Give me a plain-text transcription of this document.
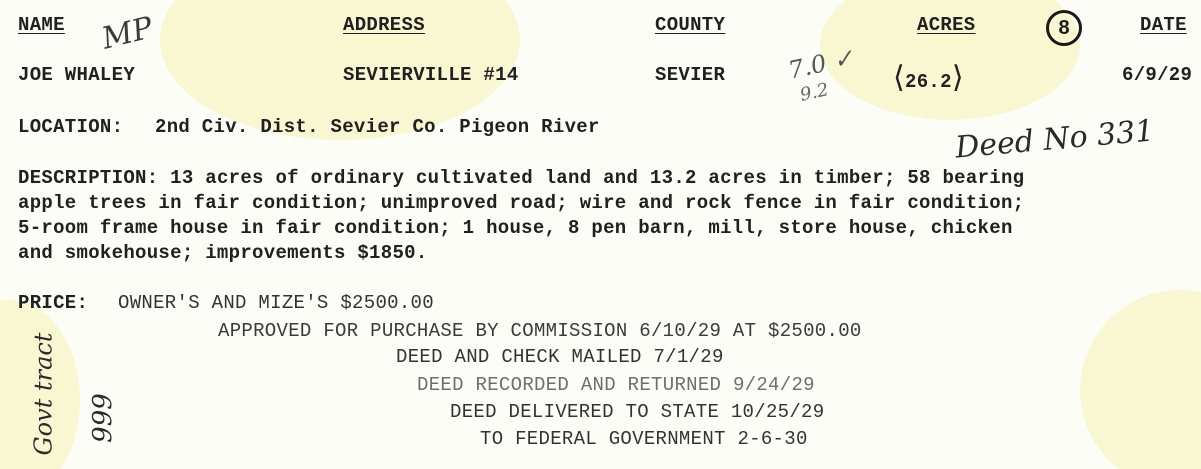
NAME	ADDRESS	COUNTY	ACRES	8	DATE
JOE WHALEY	SEVIERVILLE #14	SEVIER	⟨26.2⟩	6/9/29
MP
7.0 ✓
9.2
LOCATION: 2nd Civ. Dist. Sevier Co. Pigeon River	Deed No 331
DESCRIPTION: 13 acres of ordinary cultivated land and 13.2 acres in timber; 58 bearing
apple trees in fair condition; unimproved road; wire and rock fence in fair condition;
5-room frame house in fair condition; 1 house, 8 pen barn, mill, store house, chicken
and smokehouse; improvements $1850.
PRICE: OWNER'S AND MIZE'S $2500.00
APPROVED FOR PURCHASE BY COMMISSION 6/10/29 AT $2500.00
DEED AND CHECK MAILED 7/1/29
DEED RECORDED AND RETURNED 9/24/29
DEED DELIVERED TO STATE 10/25/29
TO FEDERAL GOVERNMENT 2-6-30
Govt tract 999
